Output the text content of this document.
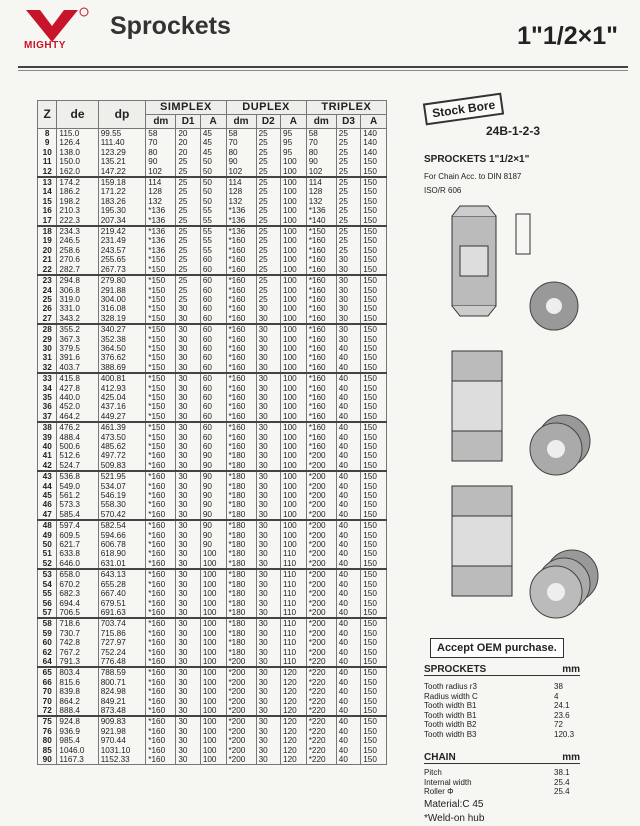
MIGHTY
Sprockets	1"1/2×1"
Z	de	dp	SIMPLEX			DUPLEX			TRIPLEX		
			dm	D1	A	dm	D2	A	dm	D3	A
8	115.0	99.55	58	20	45	58	25	95	58	25	140
9	126.4	111.40	70	20	45	70	25	95	70	25	140
10	138.0	123.29	80	20	45	80	25	95	80	25	140
11	150.0	135.21	90	25	50	90	25	100	90	25	150
12	162.0	147.22	102	25	50	102	25	100	102	25	150
13	174.2	159.18	114	25	50	114	25	100	114	25	150
14	186.2	171.22	128	25	50	128	25	100	128	25	150
15	198.2	183.26	132	25	50	132	25	100	132	25	150
16	210.3	195.30	*136	25	55	*136	25	100	*136	25	150
17	222.3	207.34	*136	25	55	*136	25	100	*140	25	150
18	234.3	219.42	*136	25	55	*136	25	100	*150	25	150
19	246.5	231.49	*136	25	55	*160	25	100	*160	25	150
20	258.6	243.57	*136	25	55	*160	25	100	*160	25	150
21	270.6	255.65	*150	25	60	*160	25	100	*160	30	150
22	282.7	267.73	*150	25	60	*160	25	100	*160	30	150
23	294.8	279.80	*150	25	60	*160	25	100	*160	30	150
24	306.8	291.88	*150	25	60	*160	25	100	*160	30	150
25	319.0	304.00	*150	25	60	*160	25	100	*160	30	150
26	331.0	316.08	*150	30	60	*160	30	100	*160	30	150
27	343.2	328.19	*150	30	60	*160	30	100	*160	30	150
28	355.2	340.27	*150	30	60	*160	30	100	*160	30	150
29	367.3	352.38	*150	30	60	*160	30	100	*160	30	150
30	379.5	364.50	*150	30	60	*160	30	100	*160	40	150
31	391.6	376.62	*150	30	60	*160	30	100	*160	40	150
32	403.7	388.69	*150	30	60	*160	30	100	*160	40	150
33	415.8	400.81	*150	30	60	*160	30	100	*160	40	150
34	427.8	412.93	*150	30	60	*160	30	100	*160	40	150
35	440.0	425.04	*150	30	60	*160	30	100	*160	40	150
36	452.0	437.16	*150	30	60	*160	30	100	*160	40	150
37	464.2	449.27	*150	30	60	*160	30	100	*160	40	150
38	476.2	461.39	*150	30	60	*160	30	100	*160	40	150
39	488.4	473.50	*150	30	60	*160	30	100	*160	40	150
40	500.6	485.62	*150	30	60	*160	30	100	*160	40	150
41	512.6	497.72	*160	30	90	*180	30	100	*200	40	150
42	524.7	509.83	*160	30	90	*180	30	100	*200	40	150
43	536.8	521.95	*160	30	90	*180	30	100	*200	40	150
44	549.0	534.07	*160	30	90	*180	30	100	*200	40	150
45	561.2	546.19	*160	30	90	*180	30	100	*200	40	150
46	573.3	558.30	*160	30	90	*180	30	100	*200	40	150
47	585.4	570.42	*160	30	90	*180	30	100	*200	40	150
48	597.4	582.54	*160	30	90	*180	30	100	*200	40	150
49	609.5	594.66	*160	30	90	*180	30	100	*200	40	150
50	621.7	606.78	*160	30	90	*180	30	100	*200	40	150
51	633.8	618.90	*160	30	100	*180	30	110	*200	40	150
52	646.0	631.01	*160	30	100	*180	30	110	*200	40	150
53	658.0	643.13	*160	30	100	*180	30	110	*200	40	150
54	670.2	655.28	*160	30	100	*180	30	110	*200	40	150
55	682.3	667.40	*160	30	100	*180	30	110	*200	40	150
56	694.4	679.51	*160	30	100	*180	30	110	*200	40	150
57	706.5	691.63	*160	30	100	*180	30	110	*200	40	150
58	718.6	703.74	*160	30	100	*180	30	110	*200	40	150
59	730.7	715.86	*160	30	100	*180	30	110	*200	40	150
60	742.8	727.97	*160	30	100	*180	30	110	*200	40	150
62	767.2	752.24	*160	30	100	*180	30	110	*200	40	150
64	791.3	776.48	*160	30	100	*200	30	110	*220	40	150
65	803.4	788.59	*160	30	100	*200	30	120	*220	40	150
66	815.6	800.71	*160	30	100	*200	30	120	*220	40	150
70	839.8	824.98	*160	30	100	*200	30	120	*220	40	150
70	864.2	849.21	*160	30	100	*200	30	120	*220	40	150
72	888.4	873.48	*160	30	100	*200	30	120	*220	40	150
75	924.8	909.83	*160	30	100	*200	30	120	*220	40	150
76	936.9	921.98	*160	30	100	*200	30	120	*220	40	150
80	985.4	970.44	*160	30	100	*200	30	120	*220	40	150
85	1046.0	1031.10	*160	30	100	*200	30	120	*220	40	150
90	1167.3	1152.33	*160	30	100	*200	30	120	*220	40	150
Stock Bore
24B-1-2-3
SPROCKETS 1"1/2×1"
For Chain Acc. to DIN 8187
ISO/R 606
Accept OEM purchase.
SPROCKETS	mm
Tooth radius r3	38
Radius width C	4
Tooth width B1	24.1
Tooth width B1	23.6
Tooth width B2	72
Tooth width B3	120.3
CHAIN	mm
Pitch	38.1
Internal width	25.4
Roller Φ	25.4
Material:C 45
*Weld-on hub
